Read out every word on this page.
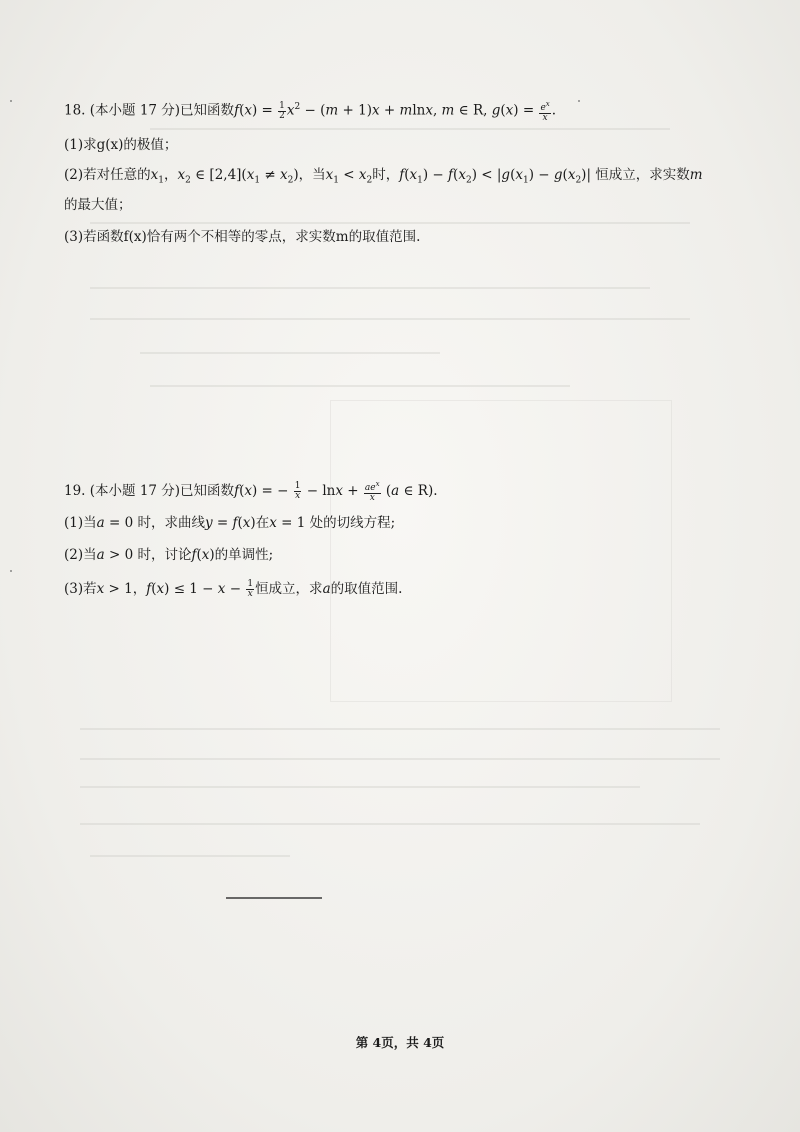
18. (本小题 17 分)已知函数$f(x) = \frac{1}{2} x^2 - (m + 1)x + mlnx$, m ∈ R, $g(x) = \frac{e^x}{x}$ .
(1)求g(x)的极值；
(2)若对任意的$x_1$，$x_2$ ∈ $[2,4](x_1 \ne x_2)$，当$x_1 < x_2$时，$f(x_1) - f(x_2) < |g(x_1) - g(x_2)|$ 恒成立，求实数m
的最大值；
(3)若函数f(x)恰有两个不相等的零点，求实数m的取值范围.
19. (本小题 17 分)已知函数f(x) = − $\frac{1}{x} - \ln x + \frac{ae^x}{x} (a$ ∈ R).
(1)当a = 0 时，求曲线y = f(x)在x = 1 处的切线方程;
(2)当a > 0 时，讨论f(x)的单调性;
(3)若x > 1，$f(x) \le 1 - x - \frac{1}{x}$ 恒成立，求a的取值范围.
第 4页，共 4页
